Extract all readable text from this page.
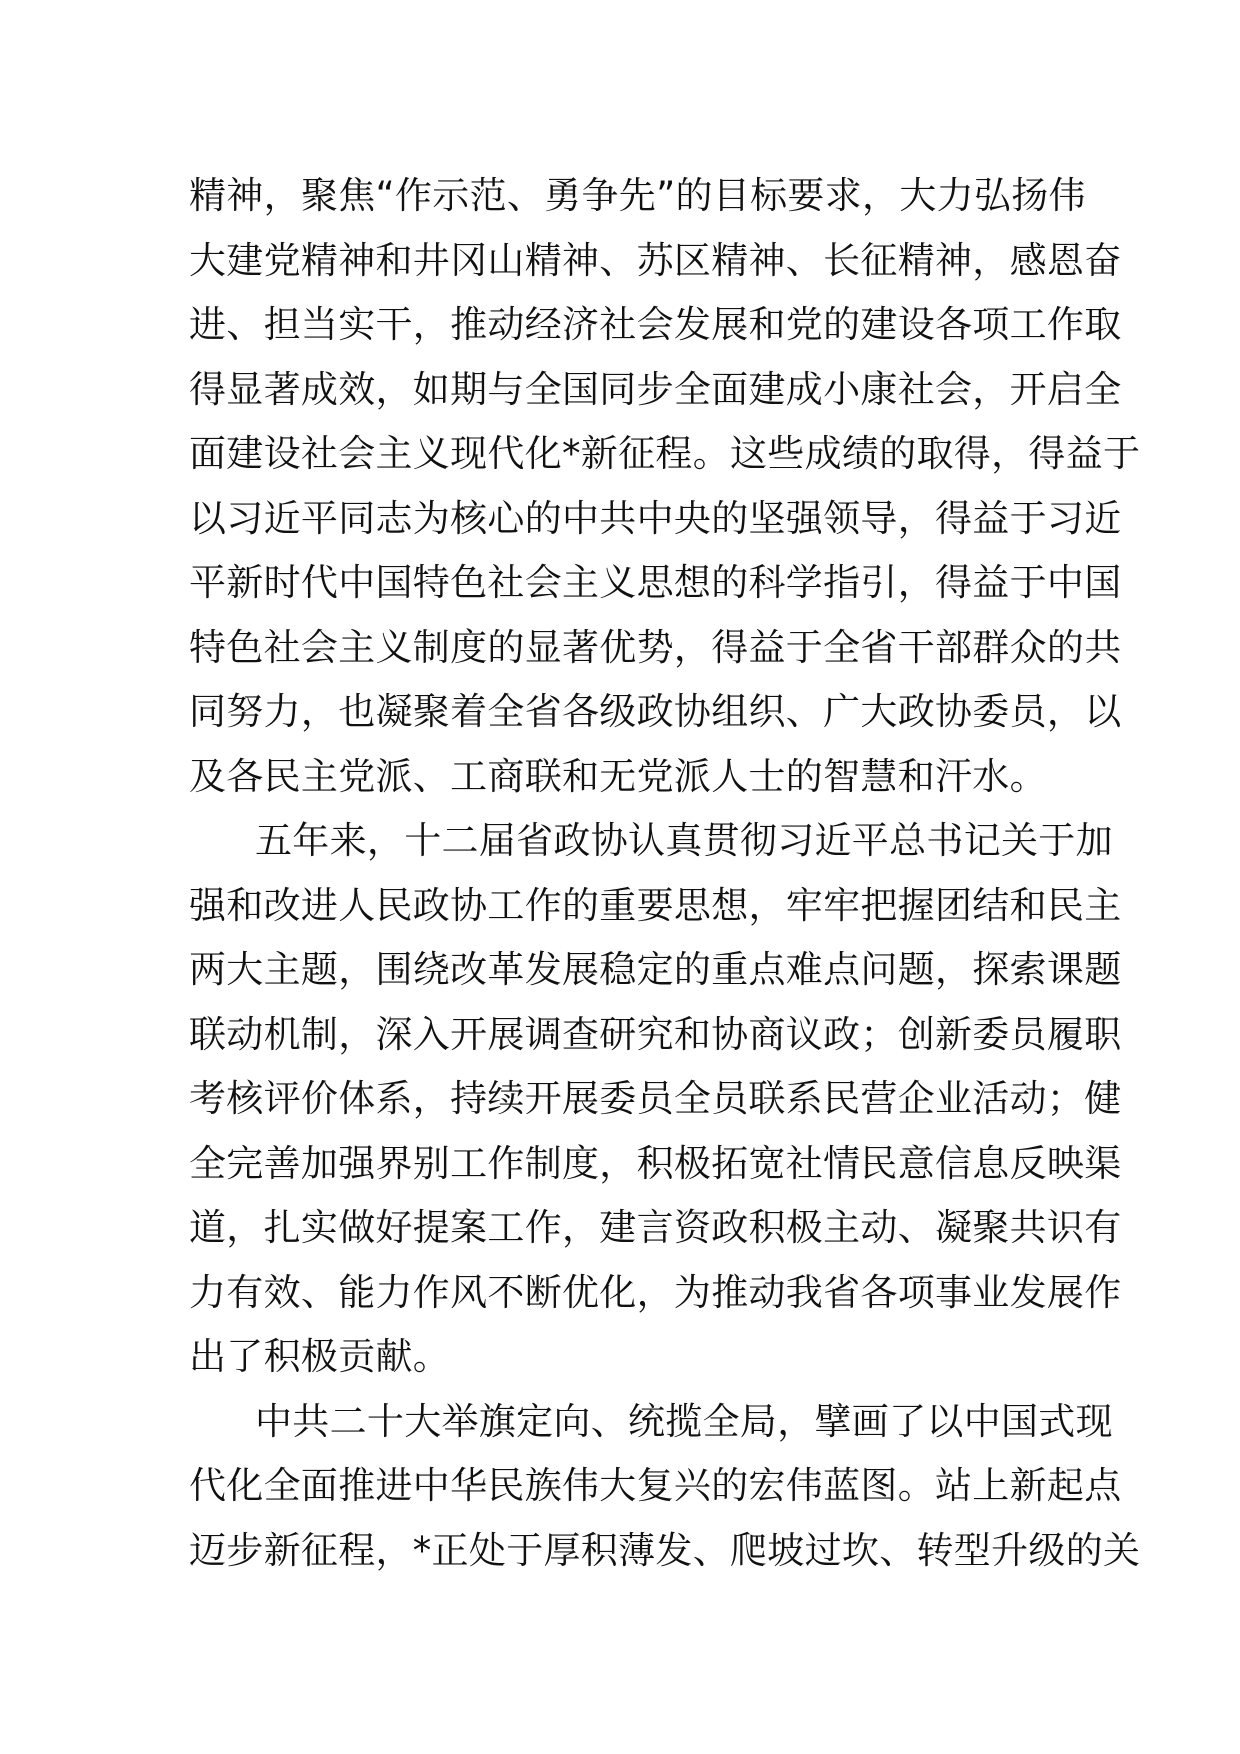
精神，聚焦“作示范、勇争先”的目标要求，大力弘扬伟
大建党精神和井冈山精神、苏区精神、长征精神，感恩奋
进、担当实干，推动经济社会发展和党的建设各项工作取
得显著成效，如期与全国同步全面建成小康社会，开启全
面建设社会主义现代化*新征程。这些成绩的取得，得益于
以习近平同志为核心的中共中央的坚强领导，得益于习近
平新时代中国特色社会主义思想的科学指引，得益于中国
特色社会主义制度的显著优势，得益于全省干部群众的共
同努力，也凝聚着全省各级政协组织、广大政协委员，以
及各民主党派、工商联和无党派人士的智慧和汗水。
五年来，十二届省政协认真贯彻习近平总书记关于加
强和改进人民政协工作的重要思想，牢牢把握团结和民主
两大主题，围绕改革发展稳定的重点难点问题，探索课题
联动机制，深入开展调查研究和协商议政；创新委员履职
考核评价体系，持续开展委员全员联系民营企业活动；健
全完善加强界别工作制度，积极拓宽社情民意信息反映渠
道，扎实做好提案工作，建言资政积极主动、凝聚共识有
力有效、能力作风不断优化，为推动我省各项事业发展作
出了积极贡献。
中共二十大举旗定向、统揽全局，擘画了以中国式现
代化全面推进中华民族伟大复兴的宏伟蓝图。站上新起点
迈步新征程，*正处于厚积薄发、爬坡过坎、转型升级的关
